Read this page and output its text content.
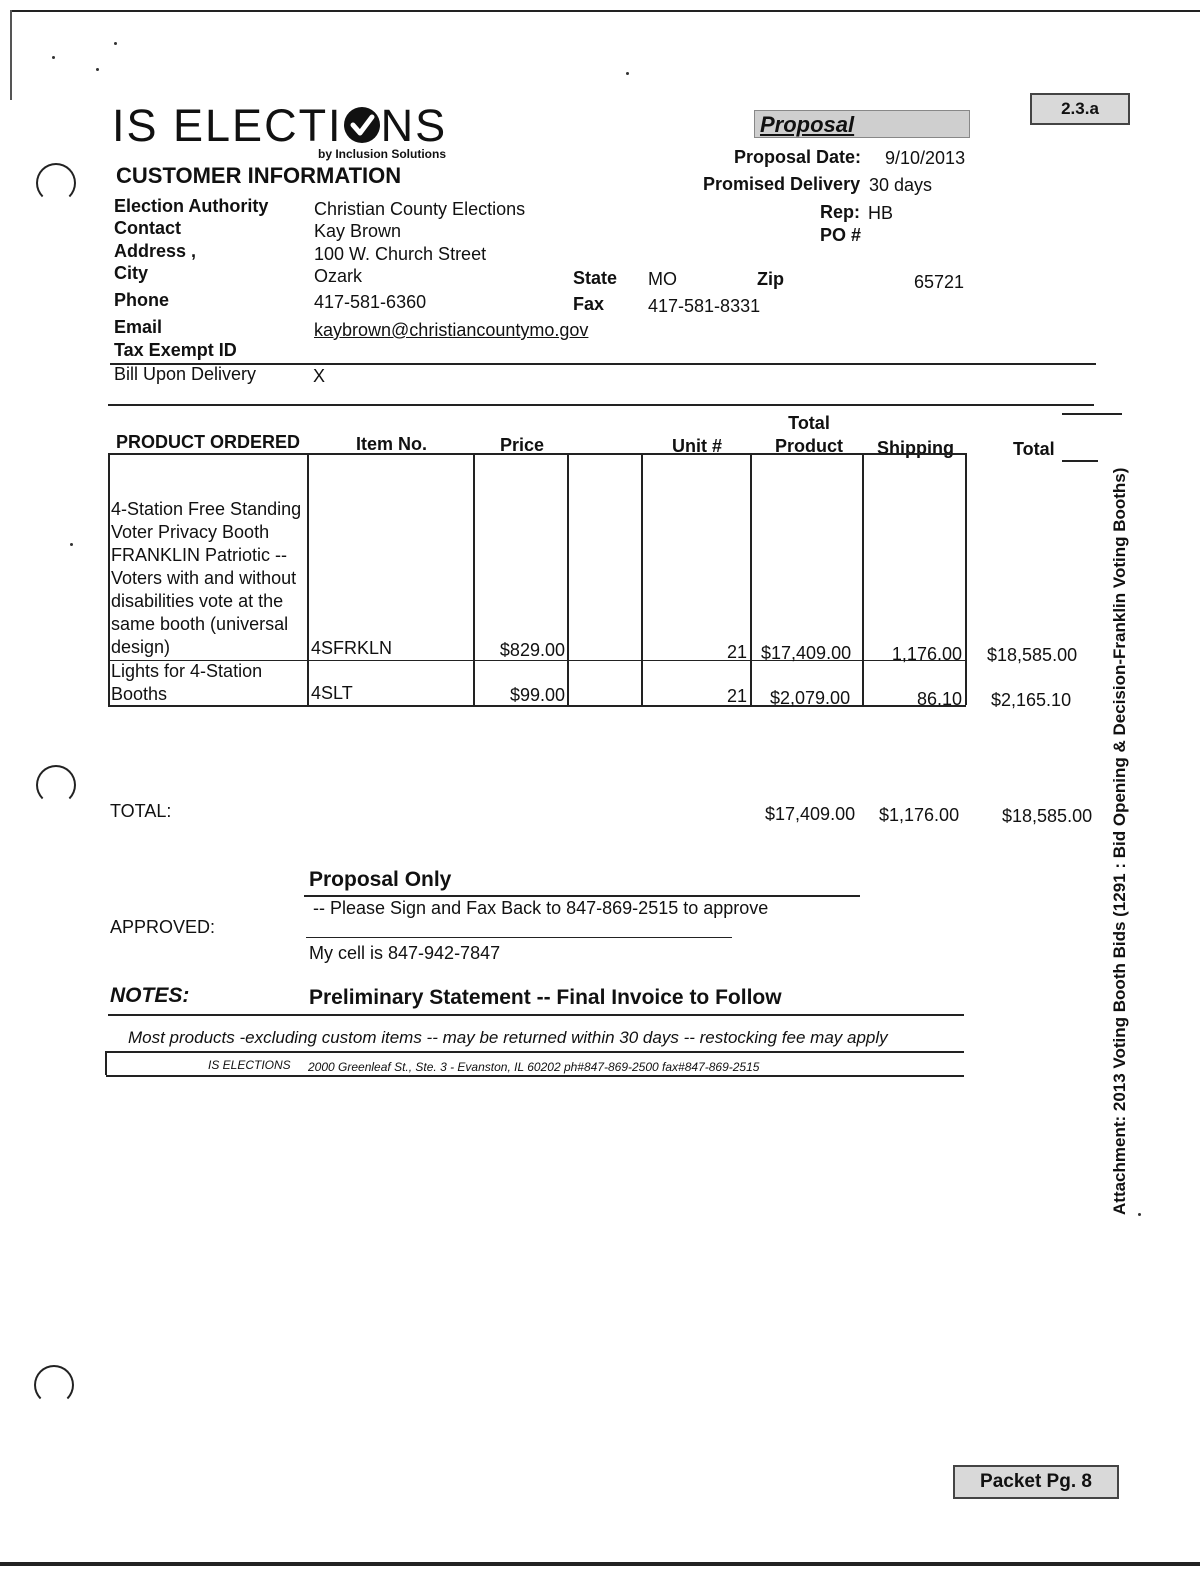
IS ELECTI NS
by Inclusion Solutions
Proposal
2.3.a
Packet Pg. 8
Proposal Date: 9/10/2013
Promised Delivery 30 days
Rep: HB
PO #
CUSTOMER INFORMATION
Election Authority	Christian County Elections
Contact	Kay Brown
Address ,	100 W. Church Street
City	Ozark	State MO	Zip	65721
Phone	417-581-6360	Fax 417-581-8331
Email	kaybrown@christiancountymo.gov
Tax Exempt ID
Bill Upon Delivery	X
PRODUCT ORDERED	Item No.	Price	Unit #
Total
Product	Shipping	Total
4-Station Free Standing
Voter Privacy Booth
FRANKLIN Patriotic --
Voters with and without
disabilities vote at the
same booth (universal
design)	4SFRKLN	$829.00	21 $17,409.00	1,176.00 $18,585.00
Lights for 4-Station
Booths	4SLT	$99.00	21 $2,079.00	86.10 $2,165.10
TOTAL:	$17,409.00 $1,176.00 $18,585.00
Proposal Only
-- Please Sign and Fax Back to 847-869-2515 to approve
APPROVED:
My cell is 847-942-7847
NOTES:	Preliminary Statement -- Final Invoice to Follow
Most products -excluding custom items -- may be returned within 30 days -- restocking fee may apply
IS ELECTIONS 2000 Greenleaf St., Ste. 3 - Evanston, IL 60202 ph#847-869-2500 fax#847-869-2515	Attachment: 2013 Voting Booth Bids (1291 : Bid Opening & Decision-Franklin Voting Booths)
